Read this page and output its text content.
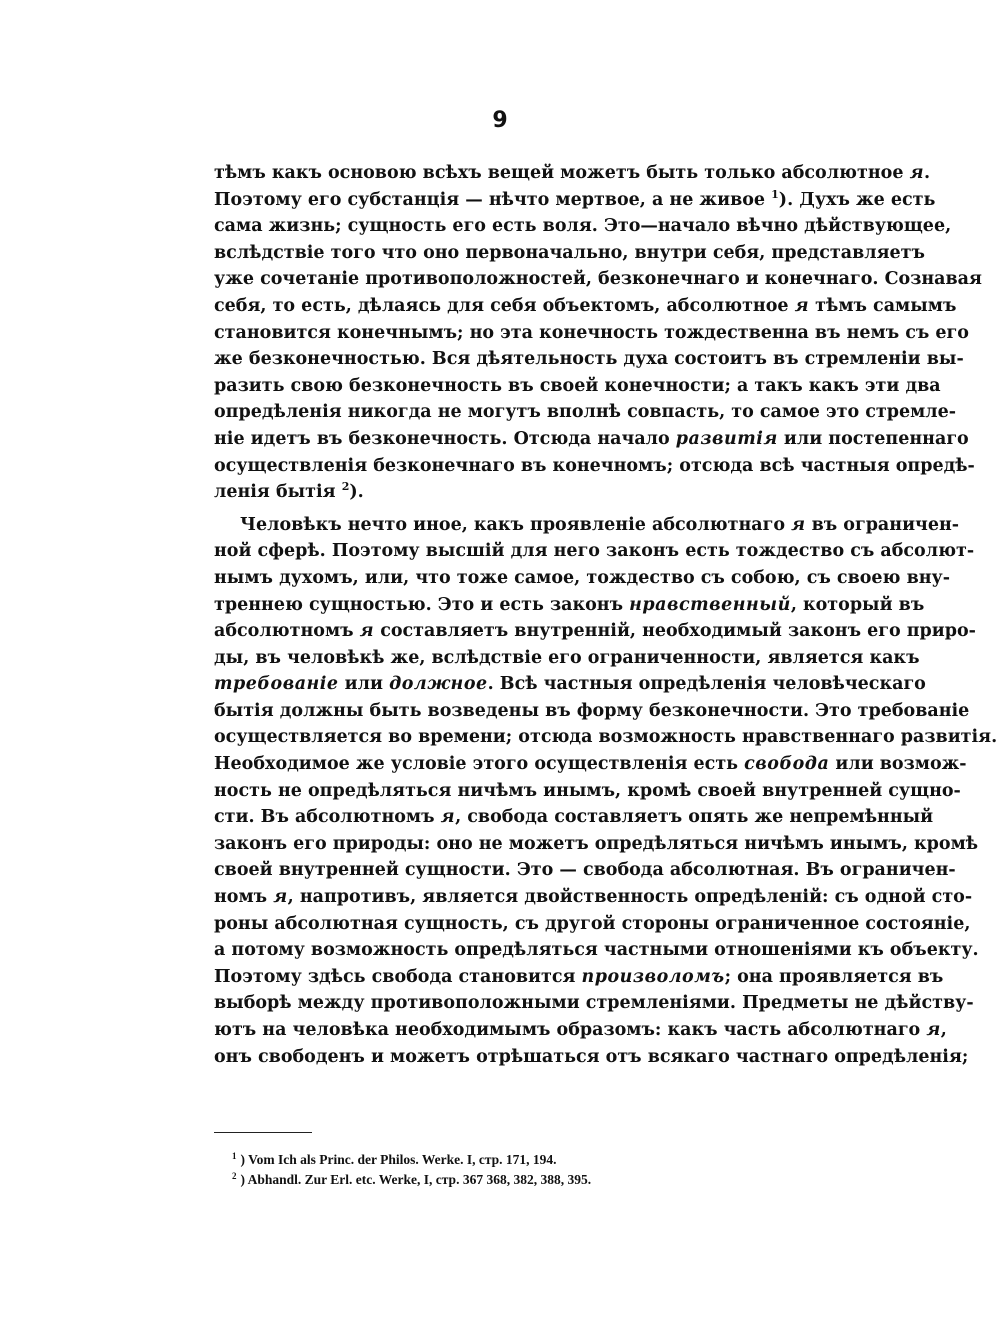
9

тѣмъ какъ основою всѣхъ вещей можетъ быть только абсолютное я.
Поэтому его субстанція — нѣчто мертвое, а не живое $^1$). Духъ же есть
сама жизнь; сущность его есть воля. Это—начало вѣчно дѣйствующее,
вслѣдствіе того что оно первоначально, внутри себя, представляетъ
уже сочетаніе противоположностей, безконечнаго и конечнаго. Сознавая
себя, то есть, дѣлаясь для себя объектомъ, абсолютное я тѣмъ самымъ
становится конечнымъ; но эта конечность тождественна въ немъ съ его
же безконечностью. Вся дѣятельность духа состоитъ въ стремленіи вы-
разить свою безконечность въ своей конечности; а такъ какъ эти два
опредѣленія никогда не могутъ вполнѣ совпасть, то самое это стремле-
ніе идетъ въ безконечность. Отсюда начало развитія или постепеннаго
осуществленія безконечнаго въ конечномъ; отсюда всѣ частныя опредѣ-
ленія бытія $^2$).

Человѣкъ нечто иное, какъ проявленіе абсолютнаго я въ ограничен-
ной сферѣ. Поэтому высшій для него законъ есть тождество съ абсолют-
нымъ духомъ, или, что тоже самое, тождество съ собою, съ своею вну-
треннею сущностью. Это и есть законъ нравственный, который въ
абсолютномъ я составляетъ внутренній, необходимый законъ его приро-
ды, въ человѣкѣ же, вслѣдствіе его ограниченности, является какъ
требованіе или должное. Всѣ частныя опредѣленія человѣческаго
бытія должны быть возведены въ форму безконечности. Это требованіе
осуществляется во времени; отсюда возможность нравственнаго развитія.
Необходимое же условіе этого осуществленія есть свобода или возмож-
ность не опредѣляться ничѣмъ инымъ, кромѣ своей внутренней сущно-
сти. Въ абсолютномъ я, свобода составляетъ опять же непремѣнный
законъ его природы: оно не можетъ опредѣляться ничѣмъ инымъ, кромѣ
своей внутренней сущности. Это — свобода абсолютная. Въ ограничен-
номъ я, напротивъ, является двойственность опредѣленій: съ одной сто-
роны абсолютная сущность, съ другой стороны ограниченное состояніе,
а потому возможность опредѣляться частными отношеніями къ объекту.
Поэтому здѣсь свобода становится произволомъ; она проявляется въ
выборѣ между противоположными стремленіями. Предметы не дѣйству-
ютъ на человѣка необходимымъ образомъ: какъ часть абсолютнаго я,
онъ свободенъ и можетъ отрѣшаться отъ всякаго частнаго опредѣленія;

$^1$ ) Vom Ich als Princ. der Philos. Werke. I, стр. 171, 194.
$^2$ ) Abhandl. Zur Erl. etc. Werke, I, стр. 367 368, 382, 388, 395.
